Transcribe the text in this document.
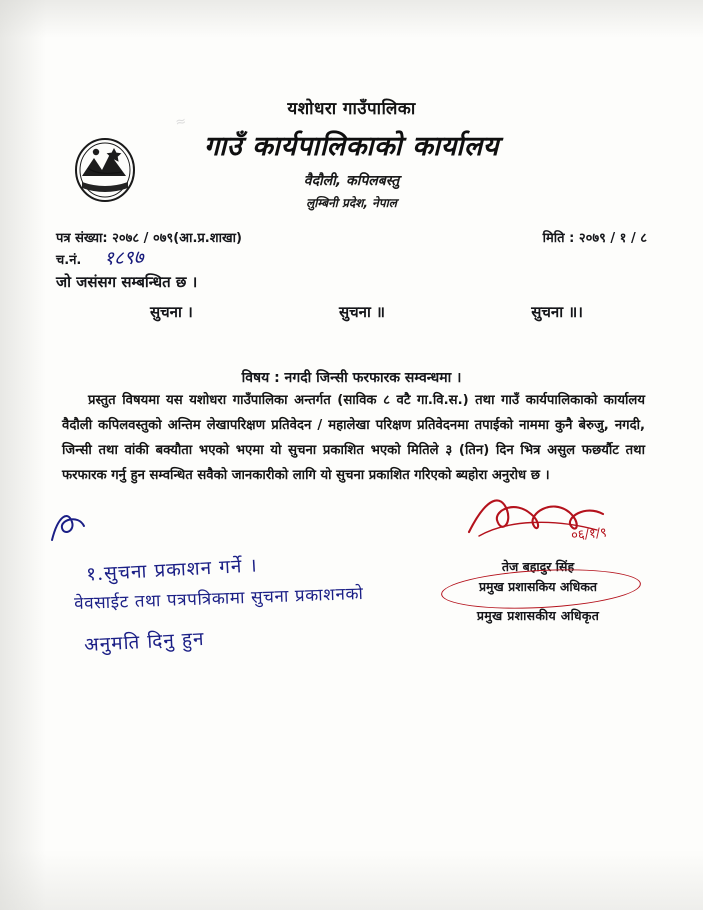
≈
यशोधरा गाउँपालिका
गाउँ कार्यपालिकाको कार्यालय
वैदौली, कपिलबस्तु
लुम्बिनी प्रदेश, नेपाल
पत्र संख्या: २०७८ / ०७९(आ.प्र.शाखा)	मिति : २०७९ / १ / ८
च.नं. १८९७
जो जसंसग सम्बन्धित छ ।
सुचना ।	सुचना ॥	सुचना ॥।
विषय : नगदी जिन्सी फरफारक सम्वन्धमा ।

प्रस्तुत विषयमा यस यशोधरा गाउँपालिका अन्तर्गत (साविक ८ वटै गा.वि.स.) तथा गाउँ कार्यपालिकाको कार्यालय वैदौली कपिलवस्तुको अन्तिम लेखापरिक्षण प्रतिवेदन / महालेखा परिक्षण प्रतिवेदनमा तपाईको नाममा कुनै बेरुजु, नगदी, जिन्सी तथा वांकी बक्यौता भएको भएमा यो सुचना प्रकाशित भएको मितिले ३ (तिन) दिन भित्र असुल फछर्यौट तथा फरफारक गर्नु हुन सम्वन्धित सवैको जानकारीको लागि यो सुचना प्रकाशित गरिएको ब्यहोरा अनुरोध छ ।

०६/१/९
तेज बहादुर सिंह
प्रमुख प्रशासकिय अधिकत
प्रमुख प्रशासकीय अधिकृत
१.सुचना प्रकाशन गर्ने ।
वेवसाईट तथा पत्रपत्रिकामा सुचना प्रकाशनको
अनुमति दिनु हुन
